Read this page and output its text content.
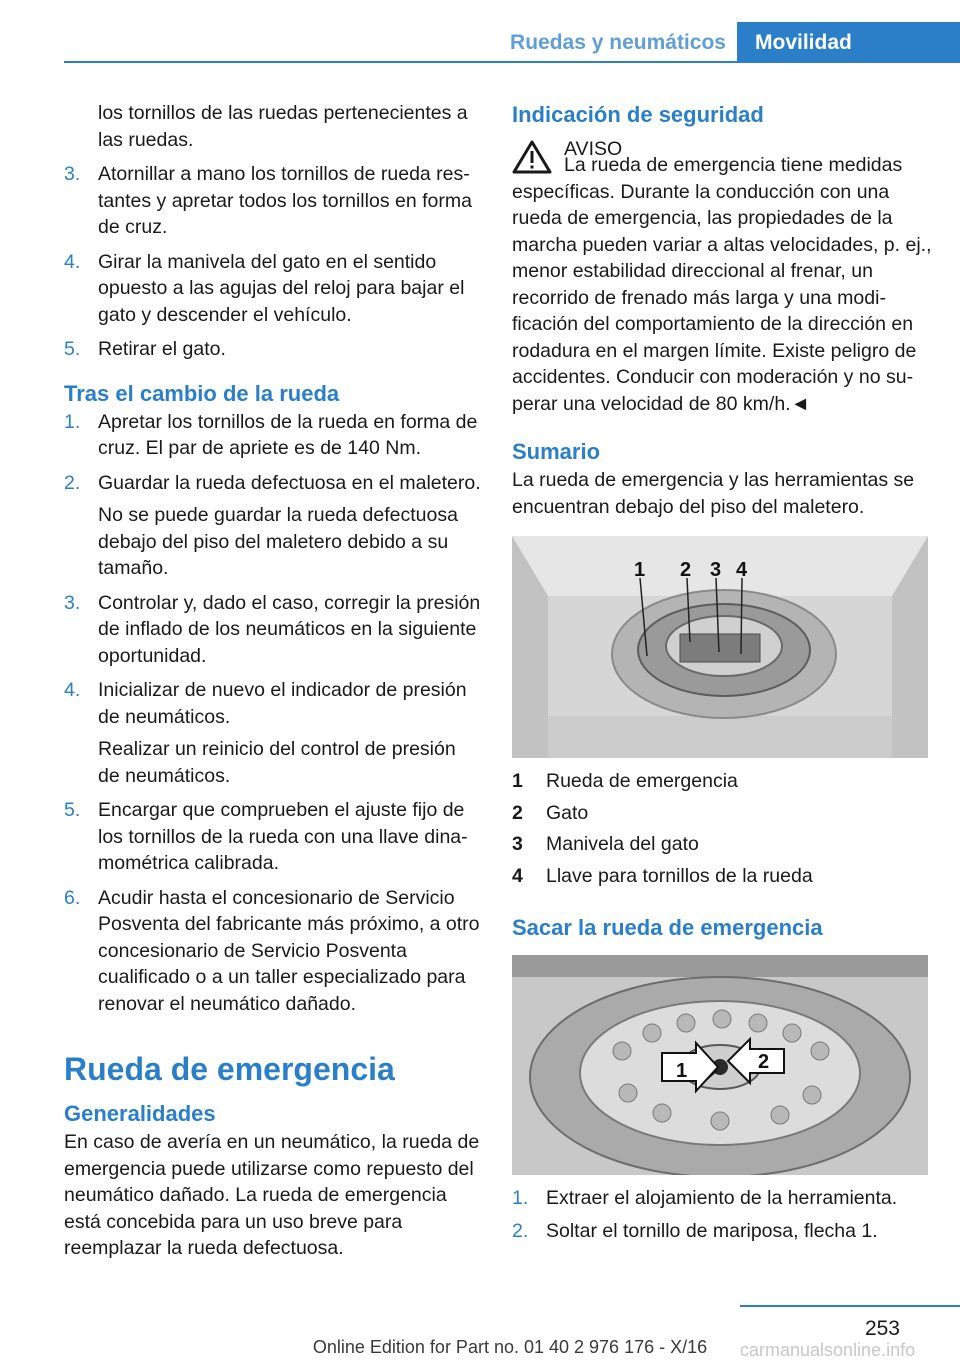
Ruedas y neumáticos	Movilidad

los tornillos de las ruedas pertenecientes a las ruedas.

3. Atornillar a mano los tornillos de rueda restantes y apretar todos los tornillos en forma de cruz.
4. Girar la manivela del gato en el sentido opuesto a las agujas del reloj para bajar el gato y descender el vehículo.
5. Retirar el gato.
Tras el cambio de la rueda
1. Apretar los tornillos de la rueda en forma de cruz. El par de apriete es de 140 Nm.
2. Guardar la rueda defectuosa en el maletero.

No se puede guardar la rueda defectuosa debajo del piso del maletero debido a su tamaño.

3. Controlar y, dado el caso, corregir la presión de inflado de los neumáticos en la siguiente oportunidad.
4. Inicializar de nuevo el indicador de presión de neumáticos.

Realizar un reinicio del control de presión de neumáticos.

5. Encargar que comprueben el ajuste fijo de los tornillos de la rueda con una llave dinamométrica calibrada.
6. Acudir hasta el concesionario de Servicio Posventa del fabricante más próximo, a otro concesionario de Servicio Posventa cualificado o a un taller especializado para renovar el neumático dañado.
Rueda de emergencia
Generalidades

En caso de avería en un neumático, la rueda de emergencia puede utilizarse como repuesto del neumático dañado. La rueda de emergencia está concebida para un uso breve para reemplazar la rueda defectuosa.

Indicación de seguridad

AVISO

La rueda de emergencia tiene medidas específicas. Durante la conducción con una rueda de emergencia, las propiedades de la marcha pueden variar a altas velocidades, p. ej., menor estabilidad direccional al frenar, un recorrido de frenado más larga y una modificación del comportamiento de la dirección en rodadura en el margen límite. Existe peligro de accidentes. Conducir con moderación y no superar una velocidad de 80 km/h.◄

Sumario

La rueda de emergencia y las herramientas se encuentran debajo del piso del maletero.

1 2 3 4
1	Rueda de emergencia
2	Gato
3	Manivela del gato
4	Llave para tornillos de la rueda
Sacar la rueda de emergencia
1	2
1. Extraer el alojamiento de la herramienta.
2. Soltar el tornillo de mariposa, flecha 1.
253
Online Edition for Part no. 01 40 2 976 176 - X/16	carmanualsonline.info
